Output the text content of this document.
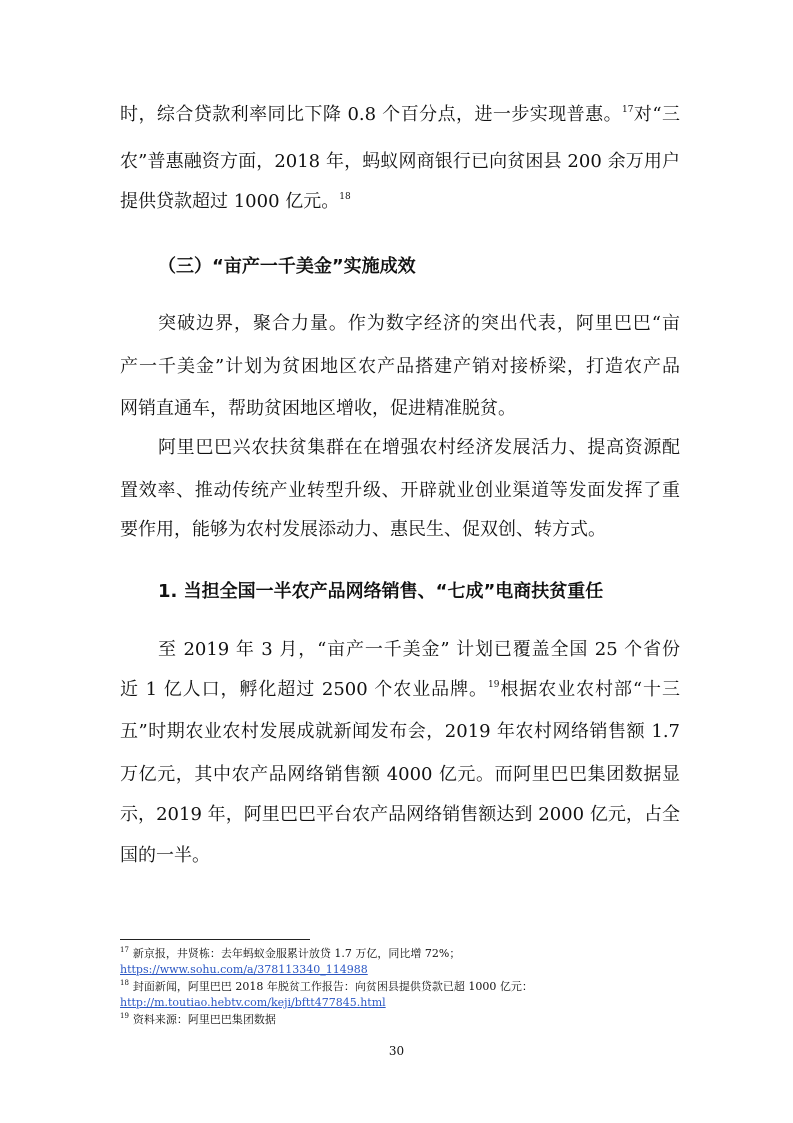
时，综合贷款利率同比下降 0.8 个百分点，进一步实现普惠。$^{17}$对“三
农”普惠融资方面，2018 年，蚂蚁网商银行已向贫困县 200 余万用户
提供贷款超过 1000 亿元。$^{18}$
（三）“亩产一千美金”实施成效
突破边界，聚合力量。作为数字经济的突出代表，阿里巴巴“亩
产一千美金”计划为贫困地区农产品搭建产销对接桥梁，打造农产品
网销直通车，帮助贫困地区增收，促进精准脱贫。
阿里巴巴兴农扶贫集群在在增强农村经济发展活力、提高资源配
置效率、推动传统产业转型升级、开辟就业创业渠道等发面发挥了重
要作用，能够为农村发展添动力、惠民生、促双创、转方式。
1. 当担全国一半农产品网络销售、“七成”电商扶贫重任
至 2019 年 3 月，“亩产一千美金” 计划已覆盖全国 25 个省份
近 1 亿人口，孵化超过 2500 个农业品牌。$^{19}$根据农业农村部“十三
五”时期农业农村发展成就新闻发布会，2019 年农村网络销售额 1.7
万亿元，其中农产品网络销售额 4000 亿元。而阿里巴巴集团数据显
示，2019 年，阿里巴巴平台农产品网络销售额达到 2000 亿元，占全
国的一半。
$^{17}$ 新京报，井贤栋：去年蚂蚁金服累计放贷 1.7 万亿，同比增 72%；
https://www.sohu.com/a/378113340_114988
$^{18}$ 封面新闻，阿里巴巴 2018 年脱贫工作报告：向贫困县提供贷款已超 1000 亿元：
http://m.toutiao.hebtv.com/keji/bftt477845.html
$^{19}$ 资料来源：阿里巴巴集团数据
30
